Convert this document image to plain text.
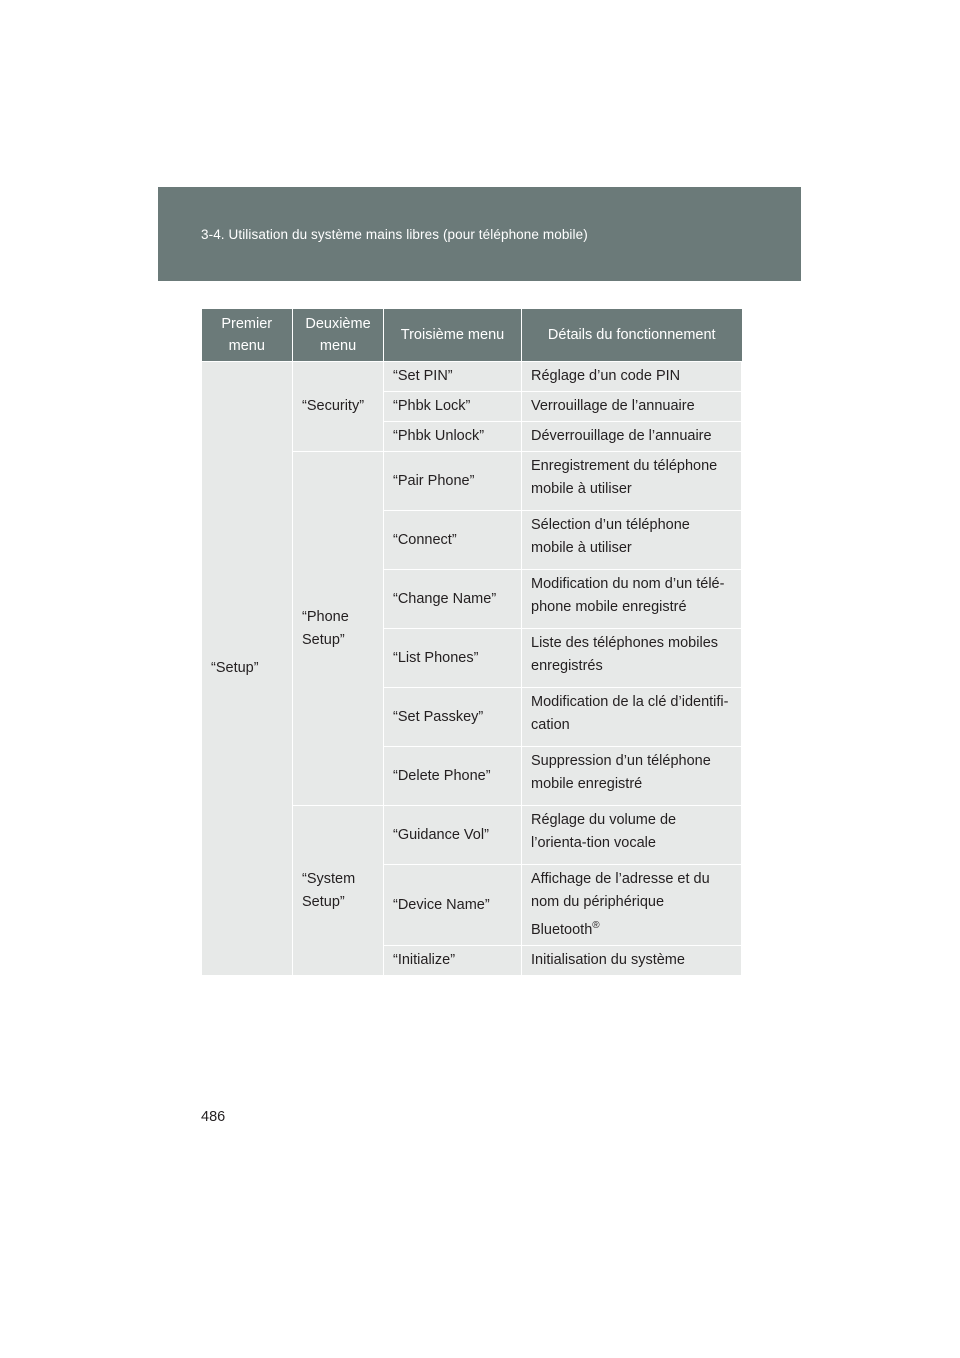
3-4. Utilisation du système mains libres (pour téléphone mobile)
Premier menu	Deuxième menu	Troisième menu	Détails du fonctionnement
“Setup”	“Security”	“Set PIN”	Réglage d’un code PIN
		“Phbk Lock”	Verrouillage de l’annuaire
		“Phbk Unlock”	Déverrouillage de l’annuaire
	“Phone Setup”	“Pair Phone”	Enregistrement du téléphone mobile à utiliser
		“Connect”	Sélection d’un téléphone mobile à utiliser
		“Change Name”	Modification du nom d’un télé-phone mobile enregistré
		“List Phones”	Liste des téléphones mobiles enregistrés
		“Set Passkey”	Modification de la clé d’identifi-cation
		“Delete Phone”	Suppression d’un téléphone mobile enregistré
	“System Setup”	“Guidance Vol”	Réglage du volume de l’orienta-tion vocale
		“Device Name”	Affichage de l’adresse et du nom du périphérique Bluetooth®
		“Initialize”	Initialisation du système
486
